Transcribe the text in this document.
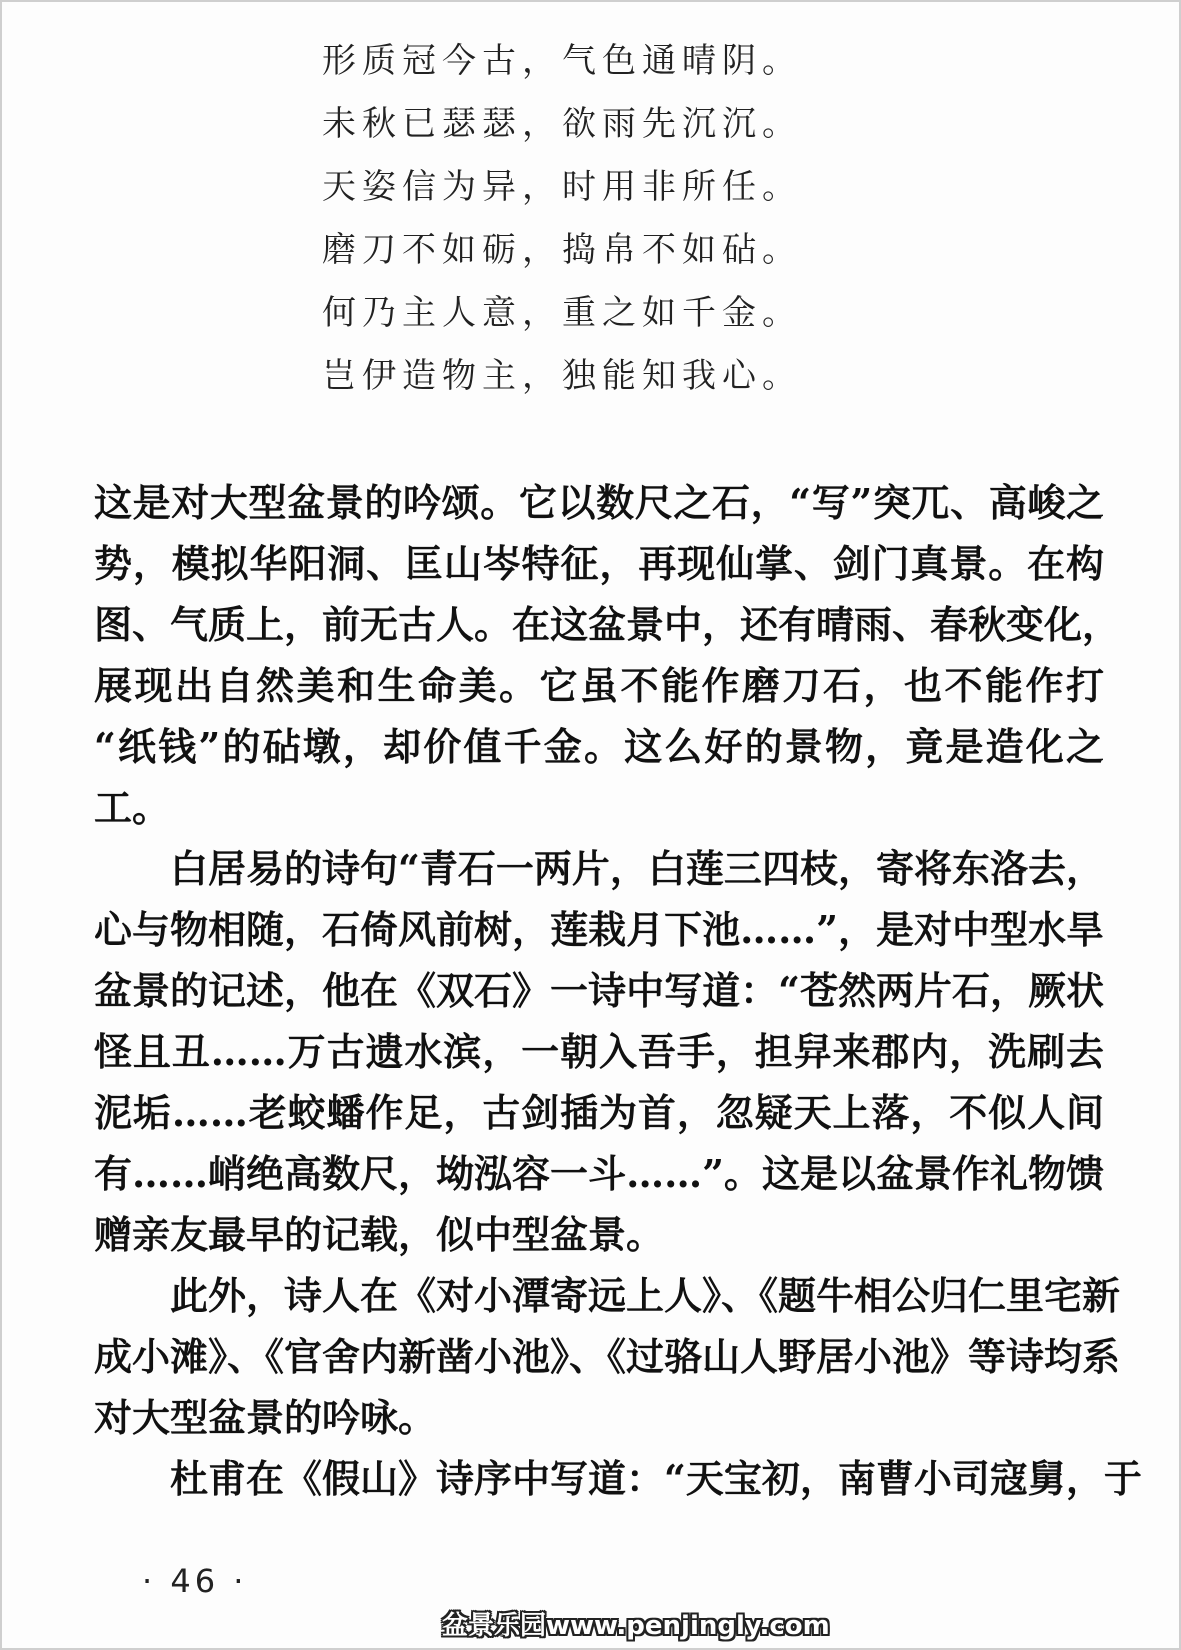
形质冠今古，气色通晴阴。
未秋已瑟瑟，欲雨先沉沉。
天姿信为异，时用非所任。
磨刀不如砺，捣帛不如砧。
何乃主人意，重之如千金。
岂伊造物主，独能知我心。
这是对大型盆景的吟颂。它以数尺之石，“写”突兀、高峻之
势，模拟华阳洞、匡山岑特征，再现仙掌、剑门真景。在构
图、气质上，前无古人。在这盆景中，还有晴雨、春秋变化，
展现出自然美和生命美。它虽不能作磨刀石，也不能作打
“纸钱”的砧墩，却价值千金。这么好的景物，竟是造化之
工。
白居易的诗句“青石一两片，白莲三四枝，寄将东洛去，
心与物相随，石倚风前树，莲栽月下池……”，是对中型水旱
盆景的记述，他在《双石》一诗中写道：“苍然两片石，厥状
怪且丑……万古遗水滨，一朝入吾手，担舁来郡内，洗刷去
泥垢……老蛟蟠作足，古剑插为首，忽疑天上落，不似人间
有……峭绝高数尺，坳泓容一斗……”。这是以盆景作礼物馈
赠亲友最早的记载，似中型盆景。
此外，诗人在《对小潭寄远上人》、《题牛相公归仁里宅新
成小滩》、《官舍内新凿小池》、《过骆山人野居小池》等诗均系
对大型盆景的吟咏。
杜甫在《假山》诗序中写道：“天宝初，南曹小司寇舅，于
· 46 ·
盆景乐园www.penjingly.com
